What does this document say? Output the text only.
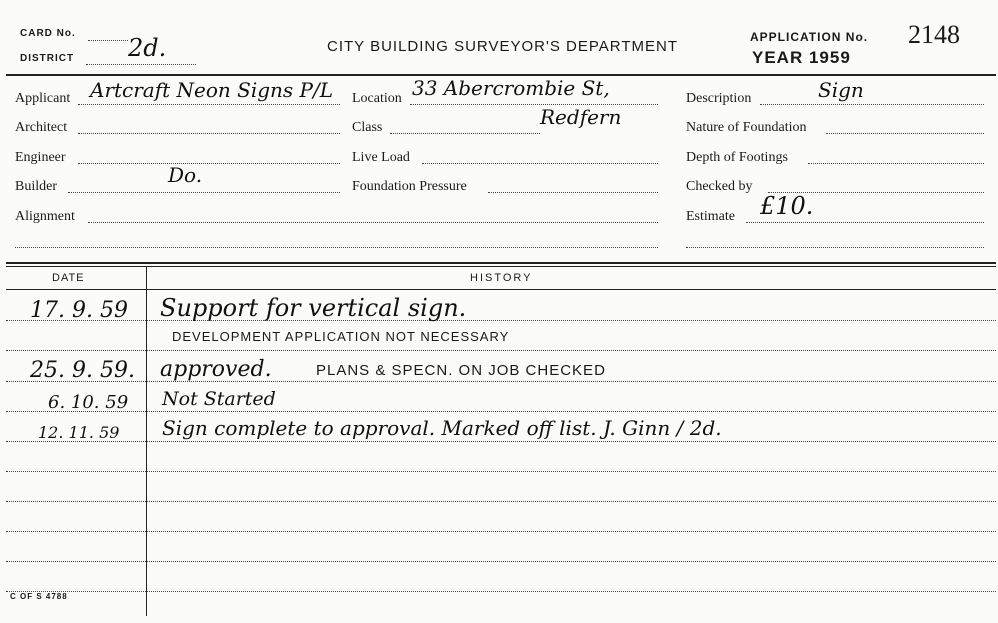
CARD No.
DISTRICT 2d.	CITY BUILDING SURVEYOR'S DEPARTMENT
APPLICATION No. 2148
YEAR 1959
Applicant Artcraft Neon Signs P/L
Architect
Engineer
Builder	Do.
Alignment
Location 33 Abercrombie St,
Redfern
Class
Live Load
Foundation Pressure
Description	Sign
Nature of Foundation
Depth of Footings
Checked by
Estimate £10.
DATE	HISTORY
17. 9. 59 Support for vertical sign.
DEVELOPMENT APPLICATION NOT NECESSARY
25. 9. 59. approved.	PLANS & SPECN. ON JOB CHECKED
6. 10. 59 Not Started
12. 11. 59 Sign complete to approval. Marked off list. J. Ginn / 2d.
C OF S 4788
